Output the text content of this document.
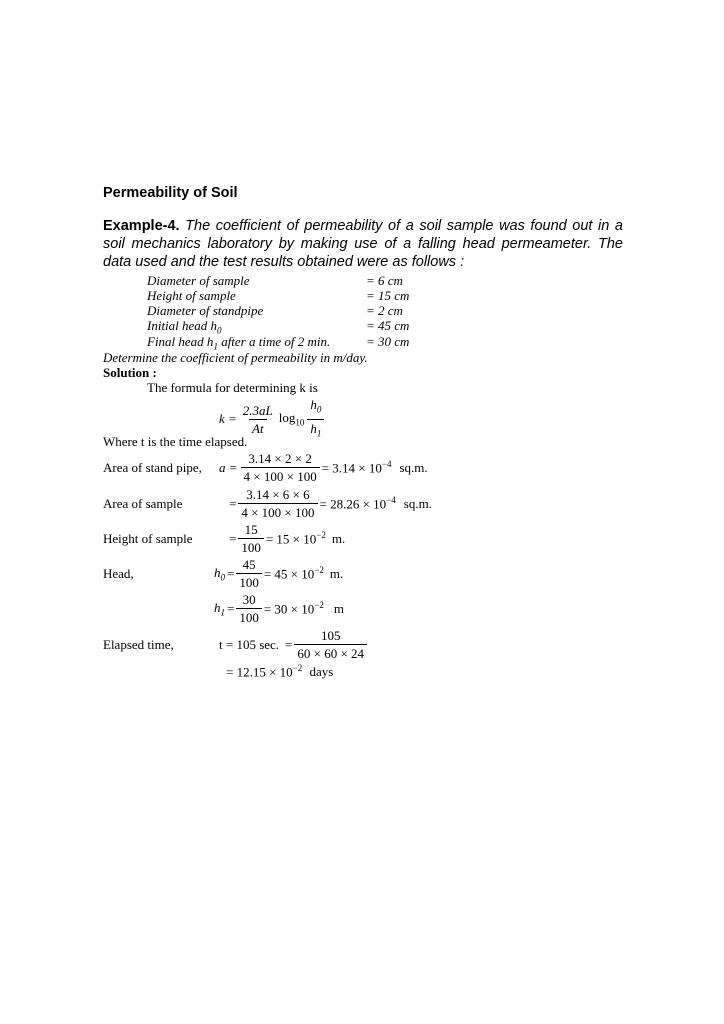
Permeability of Soil
Example-4. The coefficient of permeability of a soil sample was found out in a soil mechanics laboratory by making use of a falling head permeameter. The data used and the test results obtained were as follows :
Diameter of sample	= 6 cm
Height of sample	= 15 cm
Diameter of standpipe	= 2 cm
Initial head $h_0$	= 45 cm
Final head $h_1$ after a time of 2 min.	= 30 cm
Determine the coefficient of permeability in m/day.
Solution :
The formula for determining k is
$k = \frac{2.3aL}{At} \log_{10} \frac{h_0}{h_1}$
Where t is the time elapsed.
Area of stand pipe, $a = \frac{3.14 \times 2 \times 2}{4 \times 100 \times 100} = 3.14 \times 10^{-4}$ sq.m.
Area of sample	= $\frac{3.14 \times 6 \times 6}{4 \times 100 \times 100} = 28.26 \times 10^{-4}$ sq.m.
Height of sample	= $\frac{15}{100} = 15 \times 10^{-2}$ m.
Head,	$h_0 = \frac{45}{100} = 45 \times 10^{-2}$ m.
$h_1 = \frac{30}{100} = 30 \times 10^{-2}$ m
Elapsed time,	t = 105 sec. = $\frac{105}{60 \times 60 \times 24}$
= $12.15 \times 10^{-2}$ days
